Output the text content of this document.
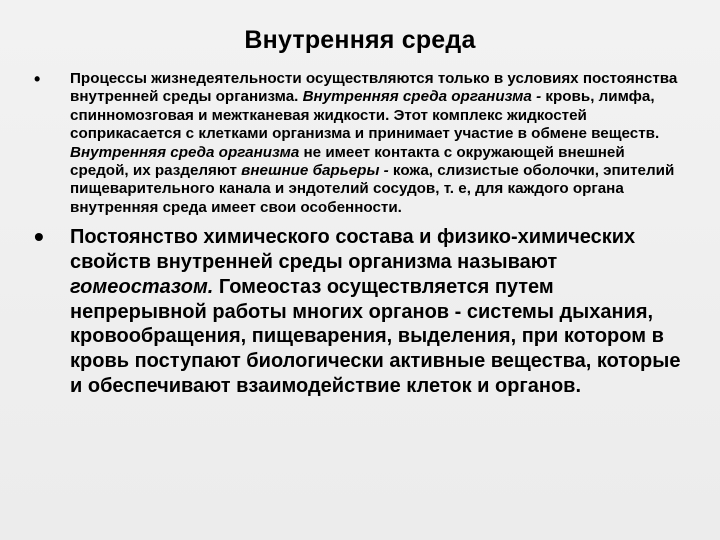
Внутренняя среда
• Процессы жизнедеятельности осуществляются только в условиях постоянства внутренней среды организма. Внутренняя среда организма - кровь, лимфа, спинномозговая и межтканевая жидкости. Этот комплекс жидкостей соприкасается с клетками организма и принимает участие в обмене веществ. Внутренняя среда организма не имеет контакта с окружающей внешней средой, их разделяют внешние барьеры - кожа, слизистые оболочки, эпителий пищеварительного канала и эндотелий сосудов, т. е, для каждого органа внутренняя среда имеет свои особенности.
• Постоянство химического состава и физико-химических свойств внутренней среды организма называют гомеостазом. Гомеостаз осуществляется путем непрерывной работы многих органов - системы дыхания, кровообращения, пищеварения, выделения, при котором в кровь поступают биологически активные вещества, которые и обеспечивают взаимодействие клеток и органов.
